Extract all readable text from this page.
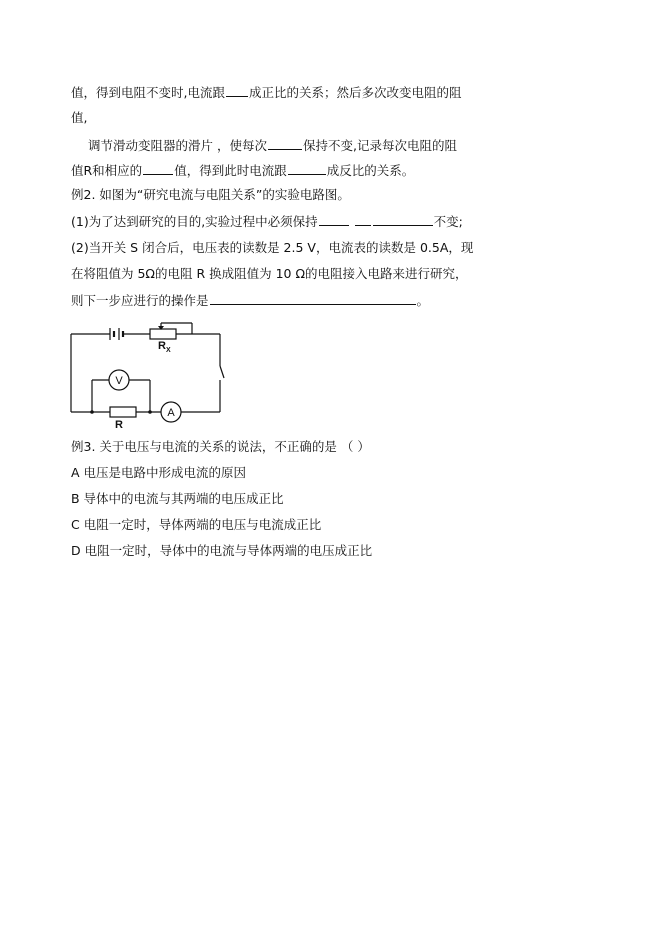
值，得到电阻不变时,电流跟 成正比的关系；然后多次改变电阻的阻
值,
调节滑动变阻器的滑片 ，使每次	保持不变,记录每次电阻的阻
值R和相应的	值，得到此时电流跟	成反比的关系。
例2. 如图为“研究电流与电阻关系”的实验电路图。
(1)为了达到研究的目的,实验过程中必须保持	不变;
(2)当开关 S 闭合后，电压表的读数是 2.5 V，电流表的读数是 0.5A，现
在将阻值为 5Ω的电阻 R 换成阻值为 10 Ω的电阻接入电路来进行研究，
则下一步应进行的操作是	。
R X
R
V
A
例3. 关于电压与电流的关系的说法，不正确的是 （ ）
A 电压是电路中形成电流的原因
B 导体中的电流与其两端的电压成正比
C 电阻一定时，导体两端的电压与电流成正比
D 电阻一定时，导体中的电流与导体两端的电压成正比
